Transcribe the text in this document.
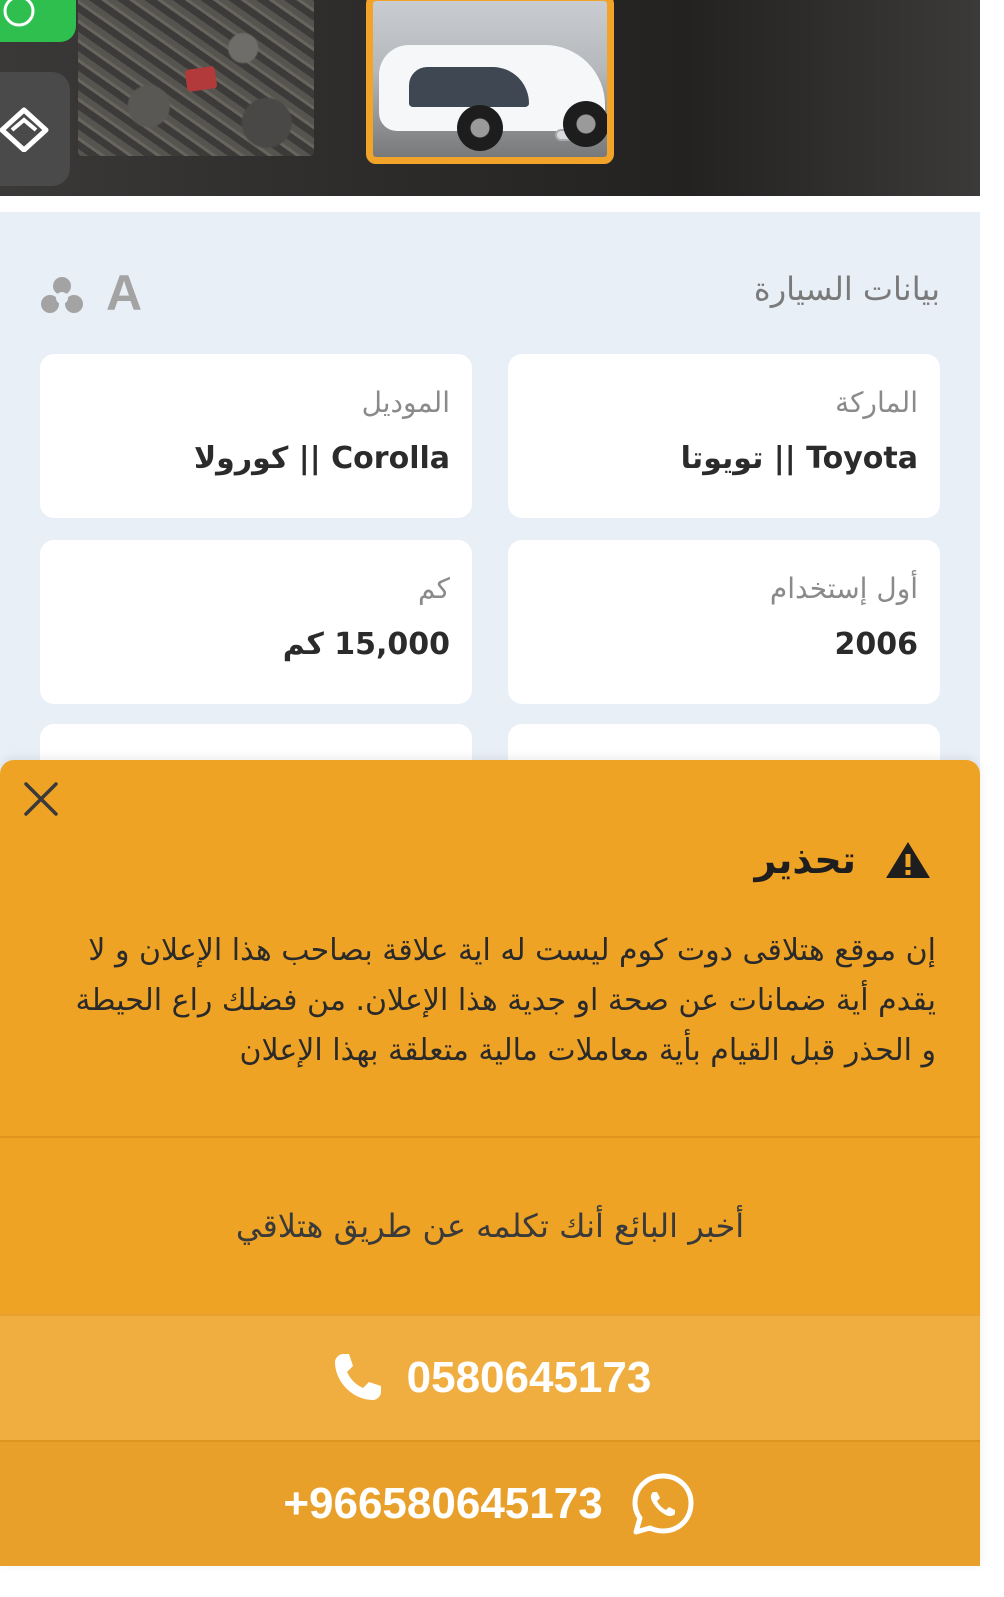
بيانات السيارة
A
الماركة
Toyota || تويوتا
الموديل
Corolla || كورولا
أول إستخدام
2006
كم
15,000 كم
تحذير
إن موقع هتلاقى دوت كوم ليست له اية علاقة بصاحب هذا الإعلان و لا يقدم أية ضمانات عن صحة او جدية هذا الإعلان. من فضلك راع الحيطة و الحذر قبل القيام بأية معاملات مالية متعلقة بهذا الإعلان
أخبر البائع أنك تكلمه عن طريق هتلاقي
0580645173
+966580645173
